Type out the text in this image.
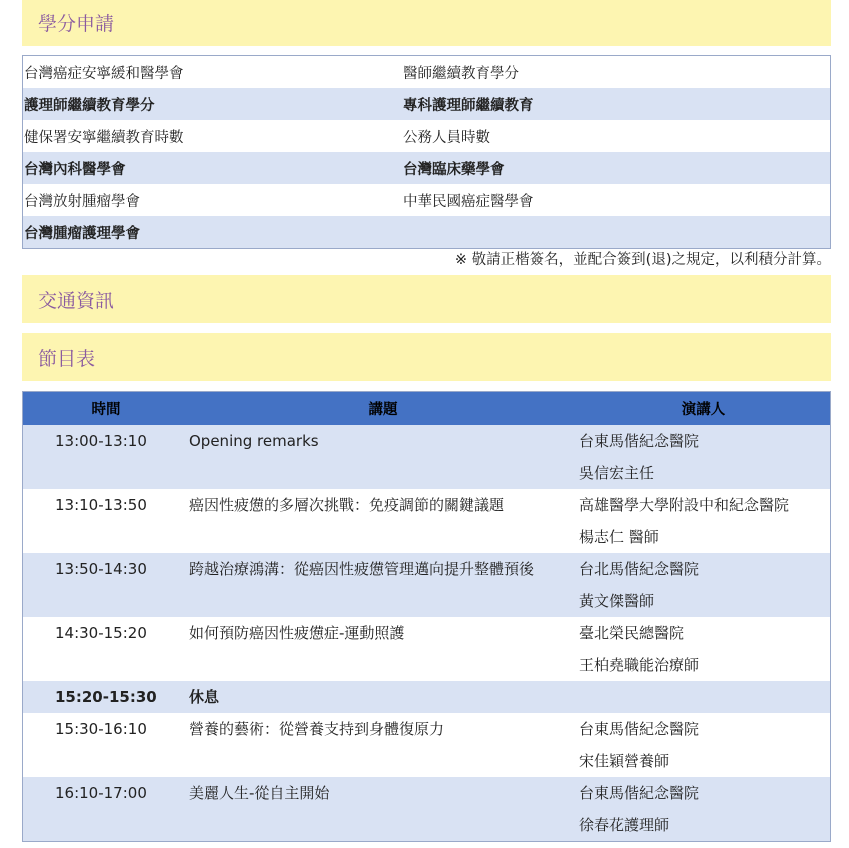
學分申請
台灣癌症安寧緩和醫學會	醫師繼續教育學分
護理師繼續教育學分	專科護理師繼續教育
健保署安寧繼續教育時數	公務人員時數
台灣內科醫學會	台灣臨床藥學會
台灣放射腫瘤學會	中華民國癌症醫學會
台灣腫瘤護理學會
※ 敬請正楷簽名，並配合簽到(退)之規定，以利積分計算。
交通資訊
節目表
時間	講題	演講人
13:00-13:10	Opening remarks	台東馬偕紀念醫院
吳信宏主任
13:10-13:50	癌因性疲憊的多層次挑戰：免疫調節的關鍵議題	高雄醫學大學附設中和紀念醫院
楊志仁 醫師
13:50-14:30	跨越治療鴻溝：從癌因性疲憊管理邁向提升整體預後	台北馬偕紀念醫院
黃文傑醫師
14:30-15:20	如何預防癌因性疲憊症-運動照護	臺北榮民總醫院
王柏堯職能治療師
15:20-15:30	休息
15:30-16:10	營養的藝術：從營養支持到身體復原力	台東馬偕紀念醫院
宋佳穎營養師
16:10-17:00	美麗人生-從自主開始	台東馬偕紀念醫院
徐春花護理師
